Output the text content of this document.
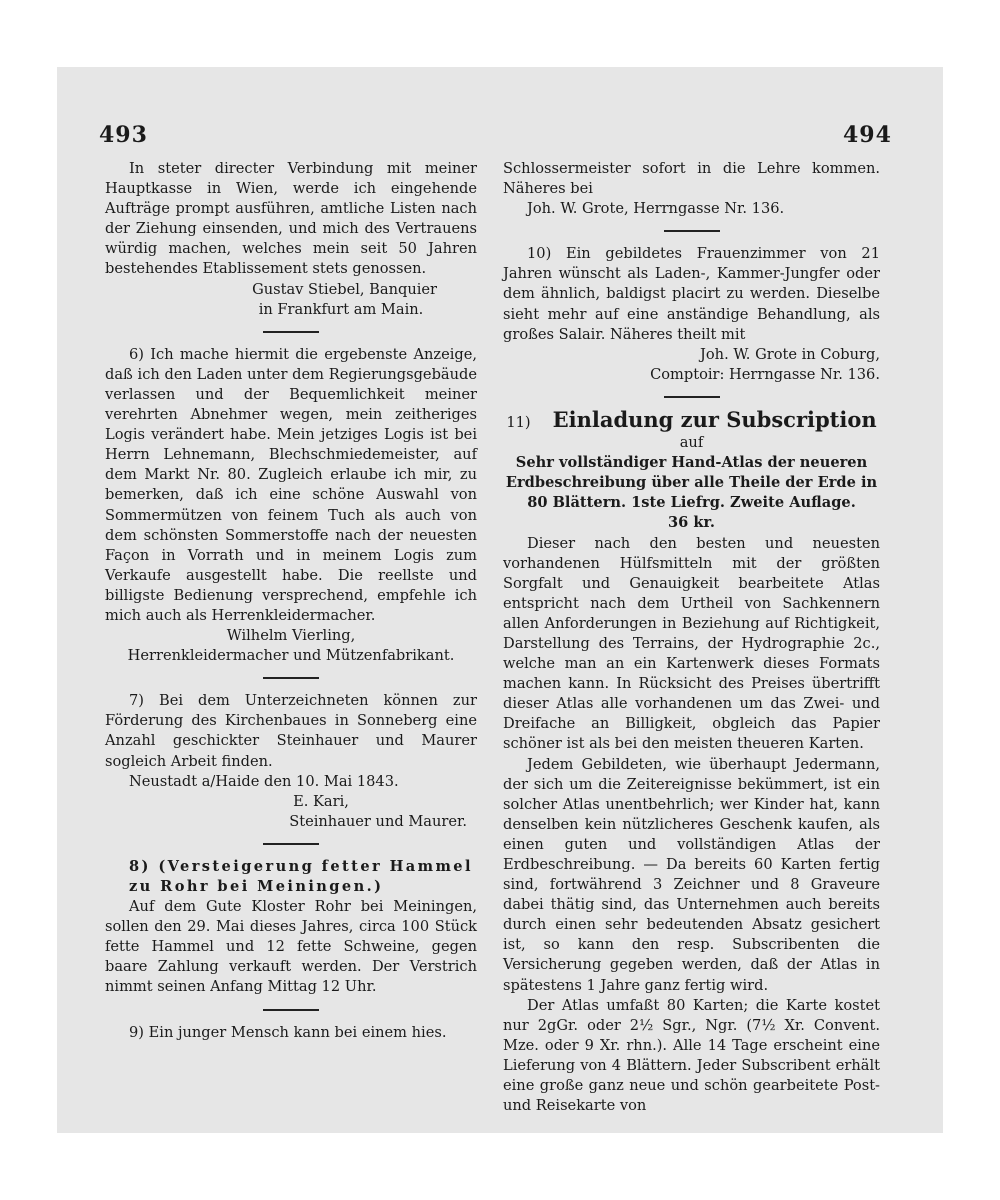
493	494

In steter directer Verbindung mit meiner Hauptkasse in Wien, werde ich eingehende Aufträge prompt ausführen, amtliche Listen nach der Ziehung einsenden, und mich des Vertrauens würdig machen, welches mein seit 50 Jahren bestehendes Etablissement stets genossen.

Gustav Stiebel, Banquier

in Frankfurt am Main.

6) Ich mache hiermit die ergebenste Anzeige, daß ich den Laden unter dem Regierungsgebäude verlassen und der Bequemlichkeit meiner verehrten Abnehmer wegen, mein zeitheriges Logis verändert habe. Mein jetziges Logis ist bei Herrn Lehnemann, Blechschmiedemeister, auf dem Markt Nr. 80. Zugleich erlaube ich mir, zu bemerken, daß ich eine schöne Auswahl von Sommermützen von feinem Tuch als auch von dem schönsten Sommerstoffe nach der neuesten Façon in Vorrath und in meinem Logis zum Verkaufe ausgestellt habe. Die reellste und billigste Bedienung versprechend, empfehle ich mich auch als Herrenkleidermacher.

Wilhelm Vierling,

Herrenkleidermacher und Mützenfabrikant.

7) Bei dem Unterzeichneten können zur Förderung des Kirchenbaues in Sonneberg eine Anzahl geschickter Steinhauer und Maurer sogleich Arbeit finden.

Neustadt a/Haide den 10. Mai 1843.

E. Kari,

Steinhauer und Maurer.

8) (Versteigerung fetter Hammel

zu Rohr bei Meiningen.)

Auf dem Gute Kloster Rohr bei Meiningen, sollen den 29. Mai dieses Jahres, circa 100 Stück fette Hammel und 12 fette Schweine, gegen baare Zahlung verkauft werden. Der Verstrich nimmt seinen Anfang Mittag 12 Uhr.

9) Ein junger Mensch kann bei einem hies.

Schlossermeister sofort in die Lehre kommen. Näheres bei

Joh. W. Grote, Herrngasse Nr. 136.

10) Ein gebildetes Frauenzimmer von 21 Jahren wünscht als Laden-, Kammer-Jungfer oder dem ähnlich, baldigst placirt zu werden. Dieselbe sieht mehr auf eine anständige Behandlung, als großes Salair. Näheres theilt mit

Joh. W. Grote in Coburg,

Comptoir: Herrngasse Nr. 136.

11) Einladung zur Subscription

auf

Sehr vollständiger Hand-Atlas der neueren Erdbeschreibung über alle Theile der Erde in 80 Blättern. 1ste Liefrg. Zweite Auflage.

36 kr.

Dieser nach den besten und neuesten vorhandenen Hülfsmitteln mit der größten Sorgfalt und Genauigkeit bearbeitete Atlas entspricht nach dem Urtheil von Sachkennern allen Anforderungen in Beziehung auf Richtigkeit, Darstellung des Terrains, der Hydrographie 2c., welche man an ein Kartenwerk dieses Formats machen kann. In Rücksicht des Preises übertrifft dieser Atlas alle vorhandenen um das Zwei- und Dreifache an Billigkeit, obgleich das Papier schöner ist als bei den meisten theueren Karten.

Jedem Gebildeten, wie überhaupt Jedermann, der sich um die Zeitereignisse bekümmert, ist ein solcher Atlas unentbehrlich; wer Kinder hat, kann denselben kein nützlicheres Geschenk kaufen, als einen guten und vollständigen Atlas der Erdbeschreibung. — Da bereits 60 Karten fertig sind, fortwährend 3 Zeichner und 8 Graveure dabei thätig sind, das Unternehmen auch bereits durch einen sehr bedeutenden Absatz gesichert ist, so kann den resp. Subscribenten die Versicherung gegeben werden, daß der Atlas in spätestens 1 Jahre ganz fertig wird.

Der Atlas umfaßt 80 Karten; die Karte kostet nur 2gGr. oder 2½ Sgr., Ngr. (7½ Xr. Convent. Mze. oder 9 Xr. rhn.). Alle 14 Tage erscheint eine Lieferung von 4 Blättern. Jeder Subscribent erhält eine große ganz neue und schön gearbeitete Post- und Reisekarte von
